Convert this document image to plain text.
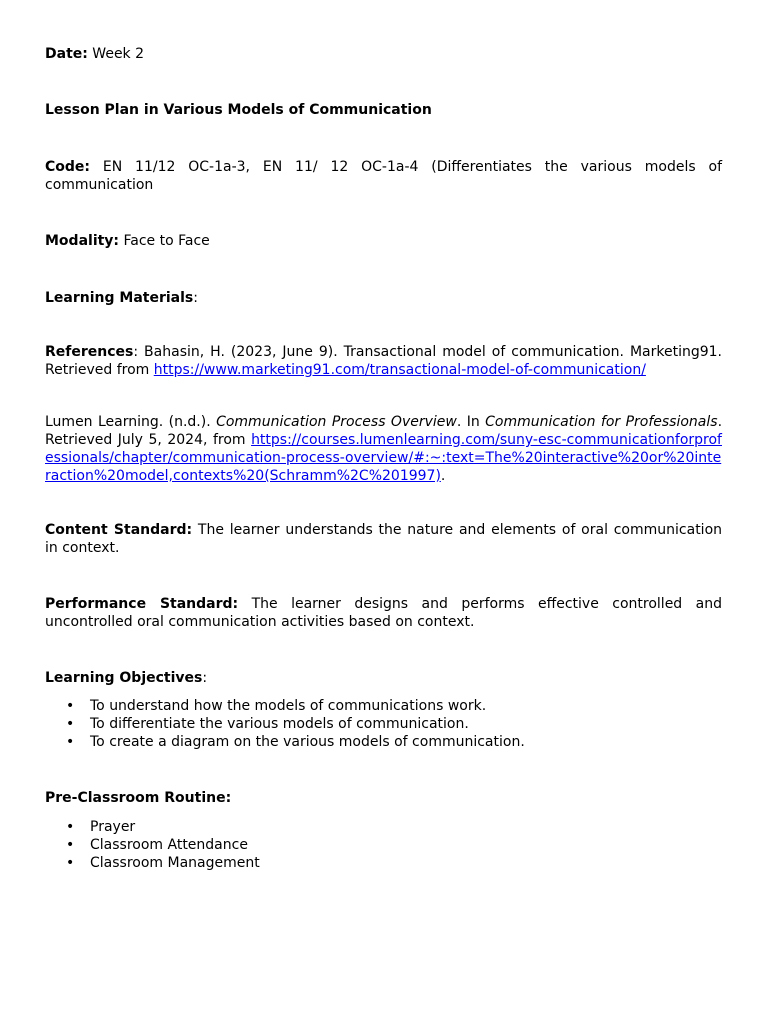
Date: Week 2
Lesson Plan in Various Models of Communication
Code: EN 11/12 OC-1a-3, EN 11/ 12 OC-1a-4 (Differentiates the various models of communication
Modality: Face to Face
Learning Materials:
References: Bahasin, H. (2023, June 9). Transactional model of communication. Marketing91. Retrieved from https://www.marketing91.com/transactional-model-of-communication/
Lumen Learning. (n.d.). Communication Process Overview. In Communication for Professionals. Retrieved July 5, 2024, from https://courses.lumenlearning.com/suny-esc-communicationforprofessionals/chapter/communication-process-overview/#:~:text=The%20interactive%20or%20interaction%20model,contexts%20(Schramm%2C%201997).
Content Standard: The learner understands the nature and elements of oral communication in context.
Performance Standard: The learner designs and performs effective controlled and uncontrolled oral communication activities based on context.
Learning Objectives:
• To understand how the models of communications work.
• To differentiate the various models of communication.
• To create a diagram on the various models of communication.
Pre-Classroom Routine:
• Prayer
• Classroom Attendance
• Classroom Management
